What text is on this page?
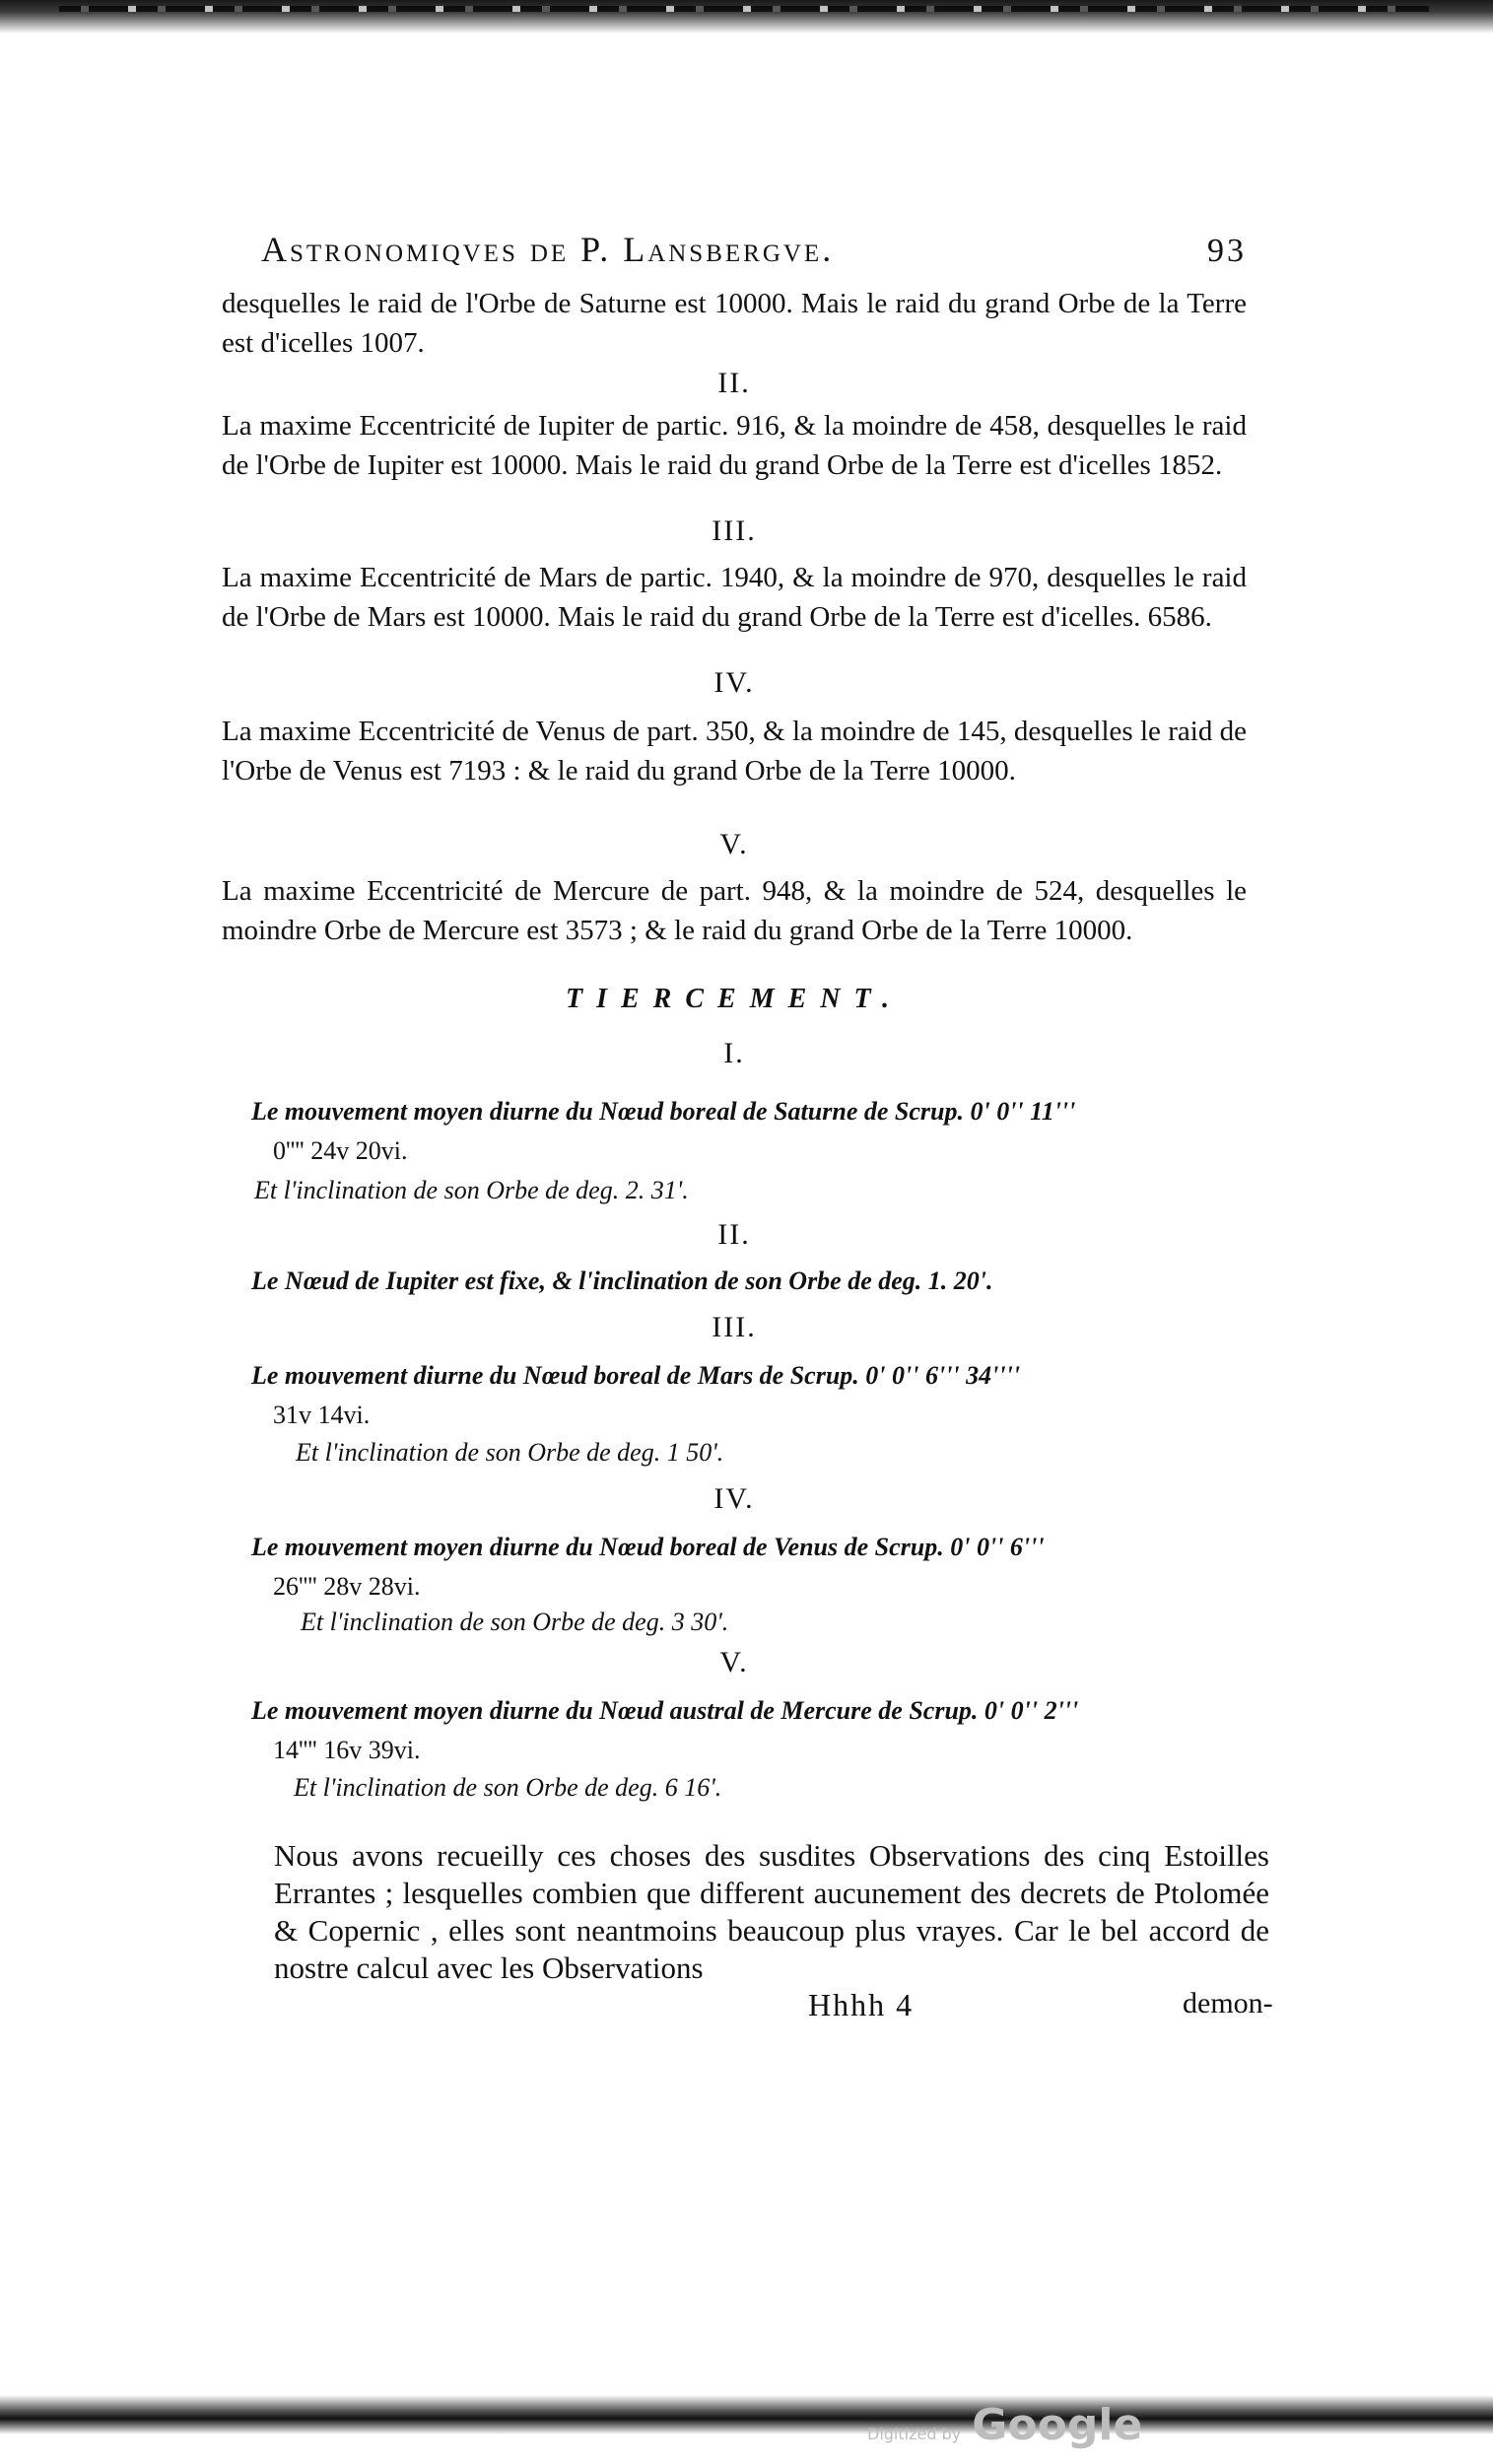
Astronomiqves de P. Lansbergve.	93

desquelles le raid de l'Orbe de Saturne est 10000. Mais le raid du grand Orbe de la Terre est d'icelles 1007.

II.

La maxime Eccentricité de Iupiter de partic. 916, & la moindre de 458, desquelles le raid de l'Orbe de Iupiter est 10000. Mais le raid du grand Orbe de la Terre est d'icelles 1852.

III.

La maxime Eccentricité de Mars de partic. 1940, & la moindre de 970, desquelles le raid de l'Orbe de Mars est 10000. Mais le raid du grand Orbe de la Terre est d'icelles. 6586.

IV.

La maxime Eccentricité de Venus de part. 350, & la moindre de 145, desquelles le raid de l'Orbe de Venus est 7193 : & le raid du grand Orbe de la Terre 10000.

V.

La maxime Eccentricité de Mercure de part. 948, & la moindre de 524, desquelles le moindre Orbe de Mercure est 3573 ; & le raid du grand Orbe de la Terre 10000.

TIERCEMENT.
I.
Le mouvement moyen diurne du Nœud boreal de Saturne de Scrup. 0' 0'' 11'''
0'''' 24v 20vi.
Et l'inclination de son Orbe de deg. 2. 31'.
II.
Le Nœud de Iupiter est fixe, & l'inclination de son Orbe de deg. 1. 20'.
III.
Le mouvement diurne du Nœud boreal de Mars de Scrup. 0' 0'' 6''' 34''''
31v 14vi.
Et l'inclination de son Orbe de deg. 1 50'.
IV.
Le mouvement moyen diurne du Nœud boreal de Venus de Scrup. 0' 0'' 6'''
26'''' 28v 28vi.
Et l'inclination de son Orbe de deg. 3 30'.
V.
Le mouvement moyen diurne du Nœud austral de Mercure de Scrup. 0' 0'' 2'''
14'''' 16v 39vi.
Et l'inclination de son Orbe de deg. 6 16'.

Nous avons recueilly ces choses des susdites Observations des cinq Estoilles Errantes ; lesquelles combien que different aucunement des decrets de Ptolomée & Copernic , elles sont neantmoins beaucoup plus vrayes. Car le bel accord de nostre calcul avec les Observations

Hhhh 4	demon-
Digitized by Google
